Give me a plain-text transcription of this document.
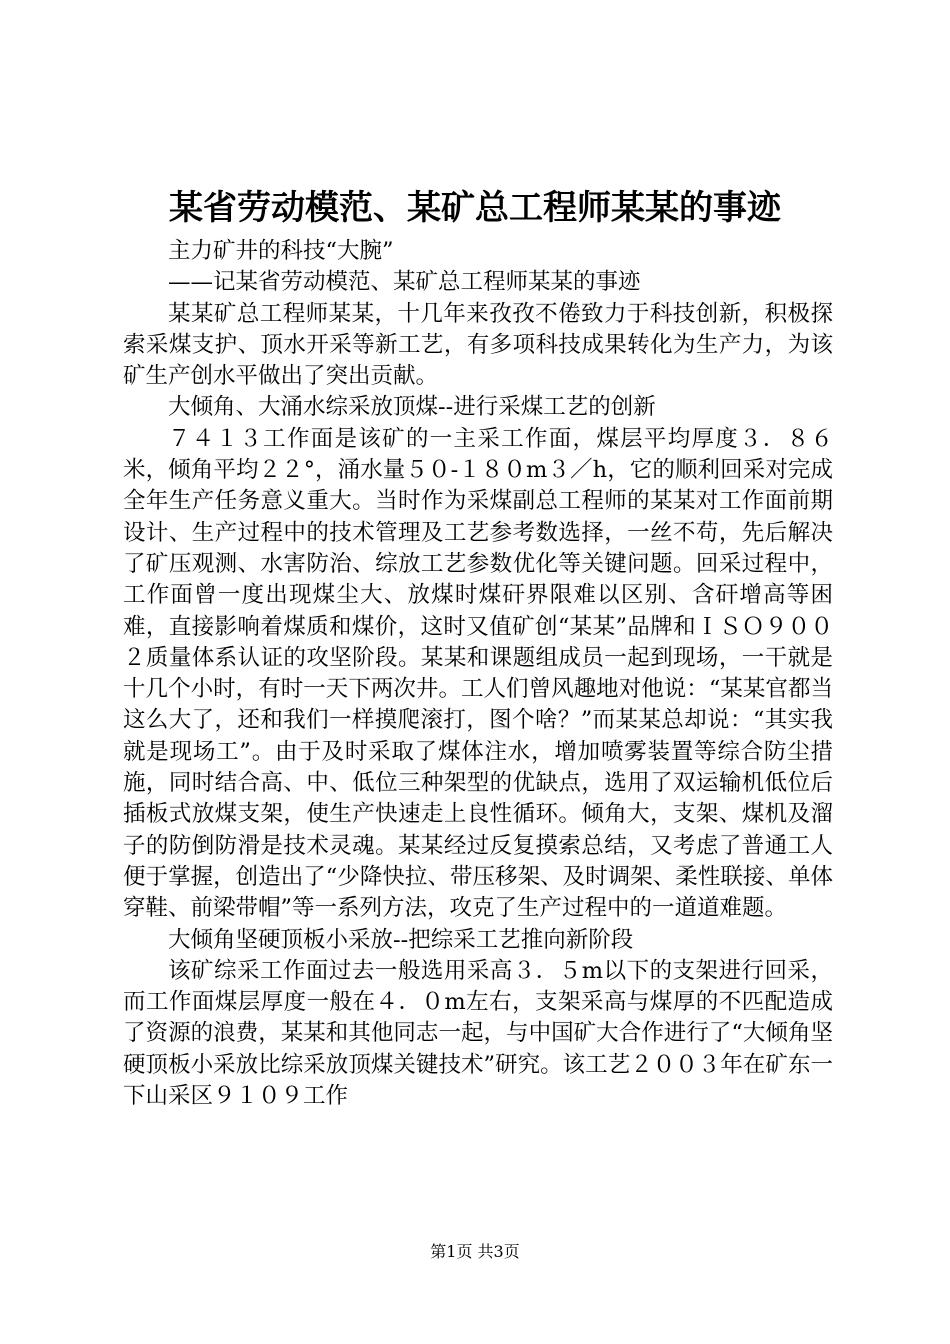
某省劳动模范、某矿总工程师某某的事迹

主力矿井的科技“大腕”

——记某省劳动模范、某矿总工程师某某的事迹

某某矿总工程师某某，十几年来孜孜不倦致力于科技创新，积极探索采煤支护、顶水开采等新工艺，有多项科技成果转化为生产力，为该矿生产创水平做出了突出贡献。

大倾角、大涌水综采放顶煤--进行采煤工艺的创新

７４１３工作面是该矿的一主采工作面，煤层平均厚度３．８６米，倾角平均２２°，涌水量５０-１８０m３／h，它的顺利回采对完成全年生产任务意义重大。当时作为采煤副总工程师的某某对工作面前期设计、生产过程中的技术管理及工艺参考数选择，一丝不苟，先后解决了矿压观测、水害防治、综放工艺参数优化等关键问题。回采过程中，工作面曾一度出现煤尘大、放煤时煤矸界限难以区别、含矸增高等困难，直接影响着煤质和煤价，这时又值矿创“某某”品牌和ＩＳＯ９００２质量体系认证的攻坚阶段。某某和课题组成员一起到现场，一干就是十几个小时，有时一天下两次井。工人们曾风趣地对他说：“某某官都当这么大了，还和我们一样摸爬滚打，图个啥？”而某某总却说：“其实我就是现场工”。由于及时采取了煤体注水，增加喷雾装置等综合防尘措施，同时结合高、中、低位三种架型的优缺点，选用了双运输机低位后插板式放煤支架，使生产快速走上良性循环。倾角大，支架、煤机及溜子的防倒防滑是技术灵魂。某某经过反复摸索总结，又考虑了普通工人便于掌握，创造出了“少降快拉、带压移架、及时调架、柔性联接、单体穿鞋、前梁带帽”等一系列方法，攻克了生产过程中的一道道难题。

大倾角坚硬顶板小采放--把综采工艺推向新阶段

该矿综采工作面过去一般选用采高３．５m以下的支架进行回采，而工作面煤层厚度一般在４．０m左右，支架采高与煤厚的不匹配造成了资源的浪费，某某和其他同志一起，与中国矿大合作进行了“大倾角坚硬顶板小采放比综采放顶煤关键技术”研究。该工艺２００３年在矿东一下山采区９１０９工作

第1页 共3页
